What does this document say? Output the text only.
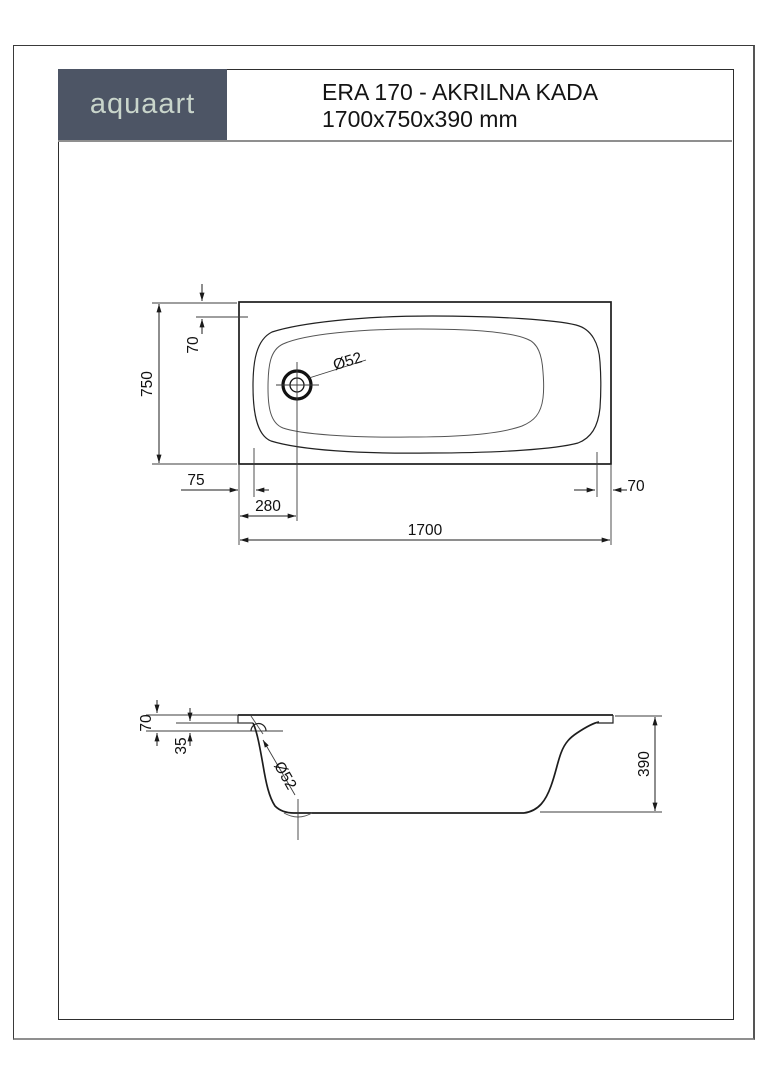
aquaart	ERA 170 - AKRILNA KADA
1700x750x390 mm
Ø52
750
70
75
280
1700
70
Ø52
70
35
390
